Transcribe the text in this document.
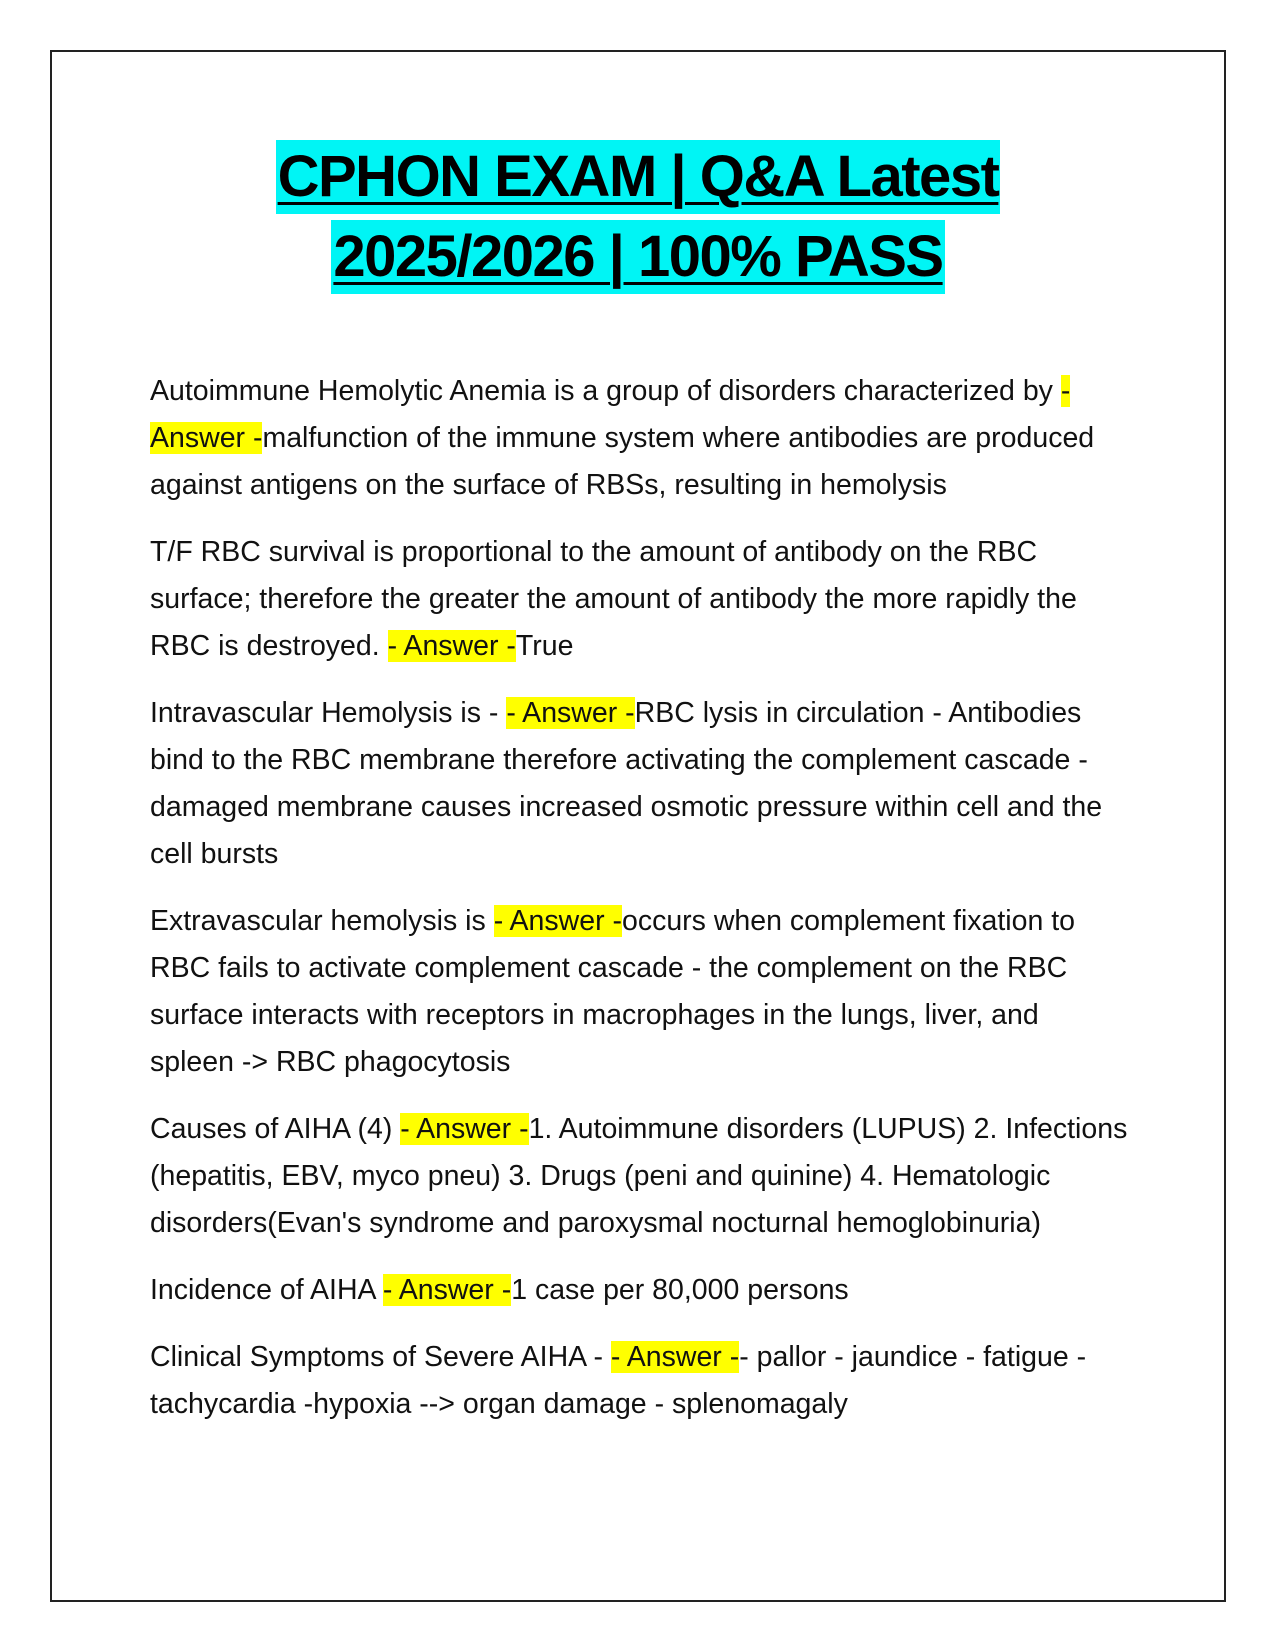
CPHON EXAM | Q&A Latest
2025/2026 | 100% PASS

Autoimmune Hemolytic Anemia is a group of disorders characterized by - Answer -malfunction of the immune system where antibodies are produced against antigens on the surface of RBSs, resulting in hemolysis

T/F RBC survival is proportional to the amount of antibody on the RBC surface; therefore the greater the amount of antibody the more rapidly the RBC is destroyed. - Answer -True

Intravascular Hemolysis is - - Answer -RBC lysis in circulation - Antibodies bind to the RBC membrane therefore activating the complement cascade - damaged membrane causes increased osmotic pressure within cell and the cell bursts

Extravascular hemolysis is - Answer -occurs when complement fixation to RBC fails to activate complement cascade - the complement on the RBC surface interacts with receptors in macrophages in the lungs, liver, and spleen -> RBC phagocytosis

Causes of AIHA (4) - Answer -1. Autoimmune disorders (LUPUS) 2. Infections (hepatitis, EBV, myco pneu) 3. Drugs (peni and quinine) 4. Hematologic disorders(Evan's syndrome and paroxysmal nocturnal hemoglobinuria)

Incidence of AIHA - Answer -1 case per 80,000 persons

Clinical Symptoms of Severe AIHA - - Answer -- pallor - jaundice - fatigue - tachycardia -hypoxia --> organ damage - splenomagaly
